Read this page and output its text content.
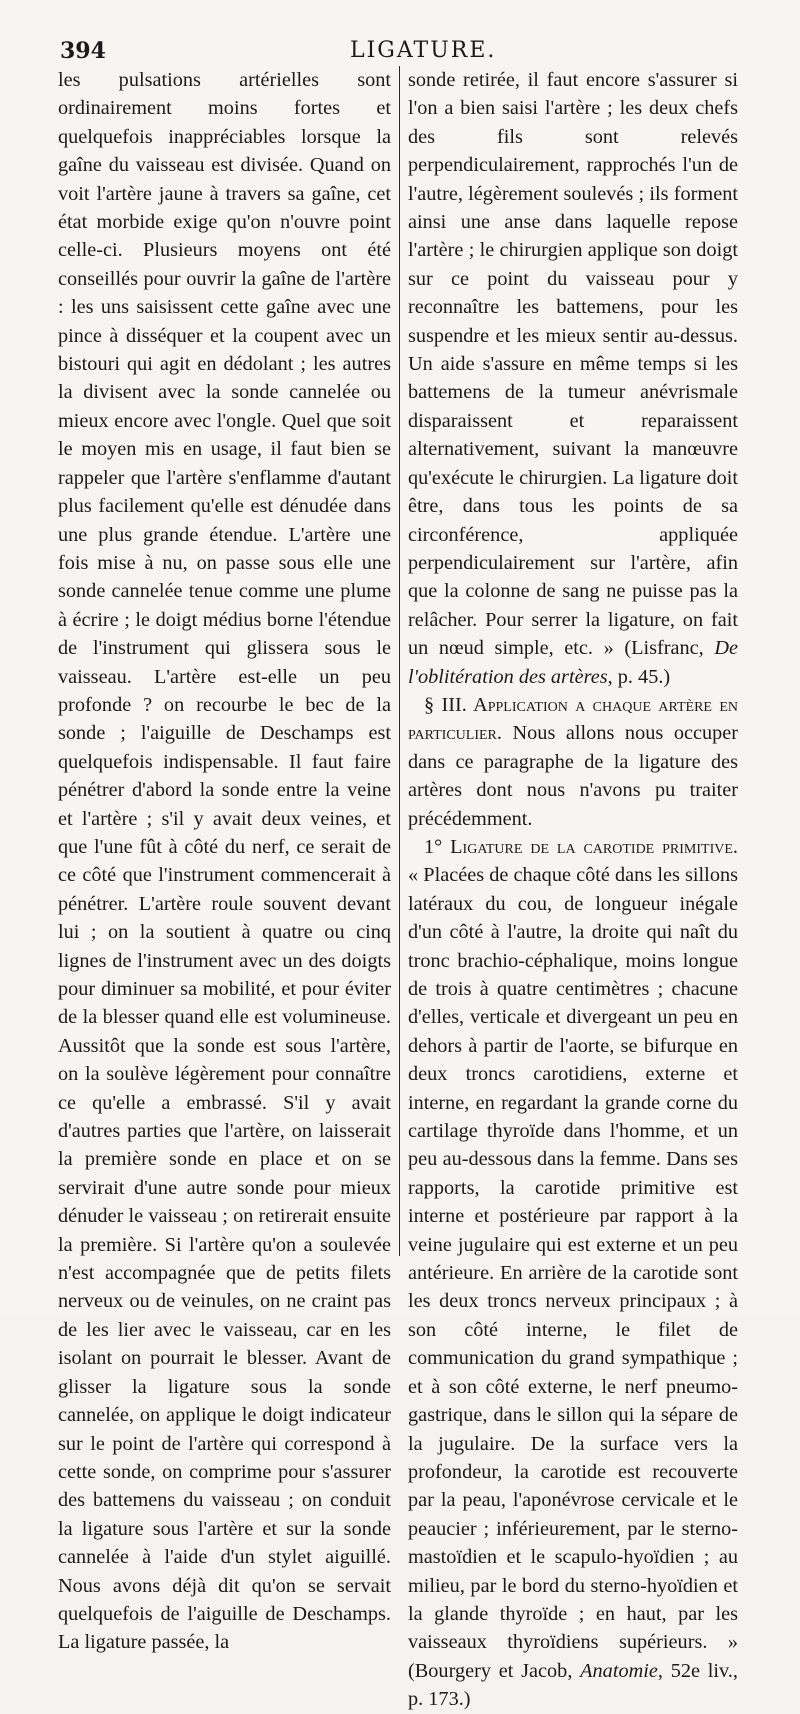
394	LIGATURE.

les pulsations artérielles sont ordinairement moins fortes et quelquefois inappréciables lorsque la gaîne du vaisseau est divisée. Quand on voit l'artère jaune à travers sa gaîne, cet état morbide exige qu'on n'ouvre point celle-ci. Plusieurs moyens ont été conseillés pour ouvrir la gaîne de l'artère : les uns saisissent cette gaîne avec une pince à disséquer et la coupent avec un bistouri qui agit en dédolant ; les autres la divisent avec la sonde cannelée ou mieux encore avec l'ongle. Quel que soit le moyen mis en usage, il faut bien se rappeler que l'artère s'enflamme d'autant plus facilement qu'elle est dénudée dans une plus grande étendue. L'artère une fois mise à nu, on passe sous elle une sonde cannelée tenue comme une plume à écrire ; le doigt médius borne l'étendue de l'instrument qui glissera sous le vaisseau. L'artère est-elle un peu profonde ? on recourbe le bec de la sonde ; l'aiguille de Deschamps est quelquefois indispensable. Il faut faire pénétrer d'abord la sonde entre la veine et l'artère ; s'il y avait deux veines, et que l'une fût à côté du nerf, ce serait de ce côté que l'instrument commencerait à pénétrer. L'artère roule souvent devant lui ; on la soutient à quatre ou cinq lignes de l'instrument avec un des doigts pour diminuer sa mobilité, et pour éviter de la blesser quand elle est volumineuse. Aussitôt que la sonde est sous l'artère, on la soulève légèrement pour connaître ce qu'elle a embrassé. S'il y avait d'autres parties que l'artère, on laisserait la première sonde en place et on se servirait d'une autre sonde pour mieux dénuder le vaisseau ; on retirerait ensuite la première. Si l'artère qu'on a soulevée n'est accompagnée que de petits filets nerveux ou de veinules, on ne craint pas de les lier avec le vaisseau, car en les isolant on pourrait le blesser. Avant de glisser la ligature sous la sonde cannelée, on applique le doigt indicateur sur le point de l'artère qui correspond à cette sonde, on comprime pour s'assurer des battemens du vaisseau ; on conduit la ligature sous l'artère et sur la sonde cannelée à l'aide d'un stylet aiguillé. Nous avons déjà dit qu'on se servait quelquefois de l'aiguille de Deschamps. La ligature passée, la

sonde retirée, il faut encore s'assurer si l'on a bien saisi l'artère ; les deux chefs des fils sont relevés perpendiculairement, rapprochés l'un de l'autre, légèrement soulevés ; ils forment ainsi une anse dans laquelle repose l'artère ; le chirurgien applique son doigt sur ce point du vaisseau pour y reconnaître les battemens, pour les suspendre et les mieux sentir au-dessus. Un aide s'assure en même temps si les battemens de la tumeur anévrismale disparaissent et reparaissent alternativement, suivant la manœuvre qu'exécute le chirurgien. La ligature doit être, dans tous les points de sa circonférence, appliquée perpendiculairement sur l'artère, afin que la colonne de sang ne puisse pas la relâcher. Pour serrer la ligature, on fait un nœud simple, etc. » (Lisfranc, De l'oblitération des artères, p. 45.)

§ III. Application a chaque artère en particulier. Nous allons nous occuper dans ce paragraphe de la ligature des artères dont nous n'avons pu traiter précédemment.

1° Ligature de la carotide primitive. « Placées de chaque côté dans les sillons latéraux du cou, de longueur inégale d'un côté à l'autre, la droite qui naît du tronc brachio-céphalique, moins longue de trois à quatre centimètres ; chacune d'elles, verticale et divergeant un peu en dehors à partir de l'aorte, se bifurque en deux troncs carotidiens, externe et interne, en regardant la grande corne du cartilage thyroïde dans l'homme, et un peu au-dessous dans la femme. Dans ses rapports, la carotide primitive est interne et postérieure par rapport à la veine jugulaire qui est externe et un peu antérieure. En arrière de la carotide sont les deux troncs nerveux principaux ; à son côté interne, le filet de communication du grand sympathique ; et à son côté externe, le nerf pneumo-gastrique, dans le sillon qui la sépare de la jugulaire. De la surface vers la profondeur, la carotide est recouverte par la peau, l'aponévrose cervicale et le peaucier ; inférieurement, par le sterno-mastoïdien et le scapulo-hyoïdien ; au milieu, par le bord du sterno-hyoïdien et la glande thyroïde ; en haut, par les vaisseaux thyroïdiens supérieurs. » (Bourgery et Jacob, Anatomie, 52e liv., p. 173.)
